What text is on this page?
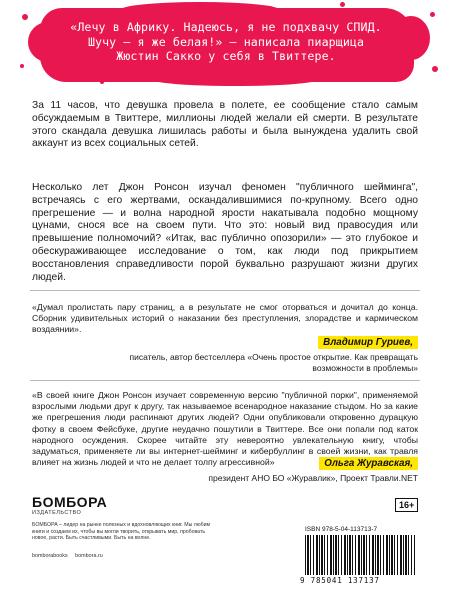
«Лечу в Африку. Надеюсь, я не подхвачу СПИД. Шучу — я же белая!» — написала пиарщица Жюстин Сакко у себя в Твиттере.
За 11 часов, что девушка провела в полете, ее сообщение стало самым обсуждаемым в Твиттере, миллионы людей желали ей смерти. В результате этого скандала девушка лишилась работы и была вынуждена удалить свой аккаунт из всех социальных сетей.
Несколько лет Джон Ронсон изучал феномен "публичного шейминга", встречаясь с его жертвами, оскандалившимися по-крупному. Всего одно прегрешение — и волна народной ярости накатывала подобно мощному цунами, снося все на своем пути. Что это: новый вид правосудия или превышение полномочий? «Итак, вас публично опозорили» — это глубокое и обескураживающее исследование о том, как люди под прикрытием восстановления справедливости порой буквально разрушают жизни других людей.
«Думал пролистать пару страниц, а в результате не смог оторваться и дочитал до конца. Сборник удивительных историй о наказании без преступления, злорадстве и кармическом воздаянии».
Владимир Гуриев,
писатель, автор бестселлера «Очень простое открытие. Как превращать возможности в проблемы»
«В своей книге Джон Ронсон изучает современную версию "публичной порки", применяемой взрослыми людьми друг к другу, так называемое всенародное наказание стыдом. Но за какие же прегрешения люди распинают других людей? Одни опубликовали откровенно дурацкую фотку в своем Фейсбуке, другие неудачно пошутили в Твиттере. Все они попали под каток народного осуждения. Скорее читайте эту невероятно увлекательную книгу, чтобы задуматься, применяете ли вы интернет-шейминг и кибербуллинг в своей жизни, как травля влияет на жизнь людей и что не делает толпу агрессивной»	Ольга Журавская,
президент АНО БО «Журавлик», Проект Травли.NET
БОМБОРА
ИЗДАТЕЛЬСТВО
БОМБОРА – лидер на рынке полезных и вдохновляющих книг. Мы любим книги и создаем их, чтобы вы могли творить, открывать мир, пробовать новое, расти. Быть счастливыми. Быть на волне.
bomborabooks bombora.ru
16+
ISBN 978-5-04-113713-7
9 785041 137137
